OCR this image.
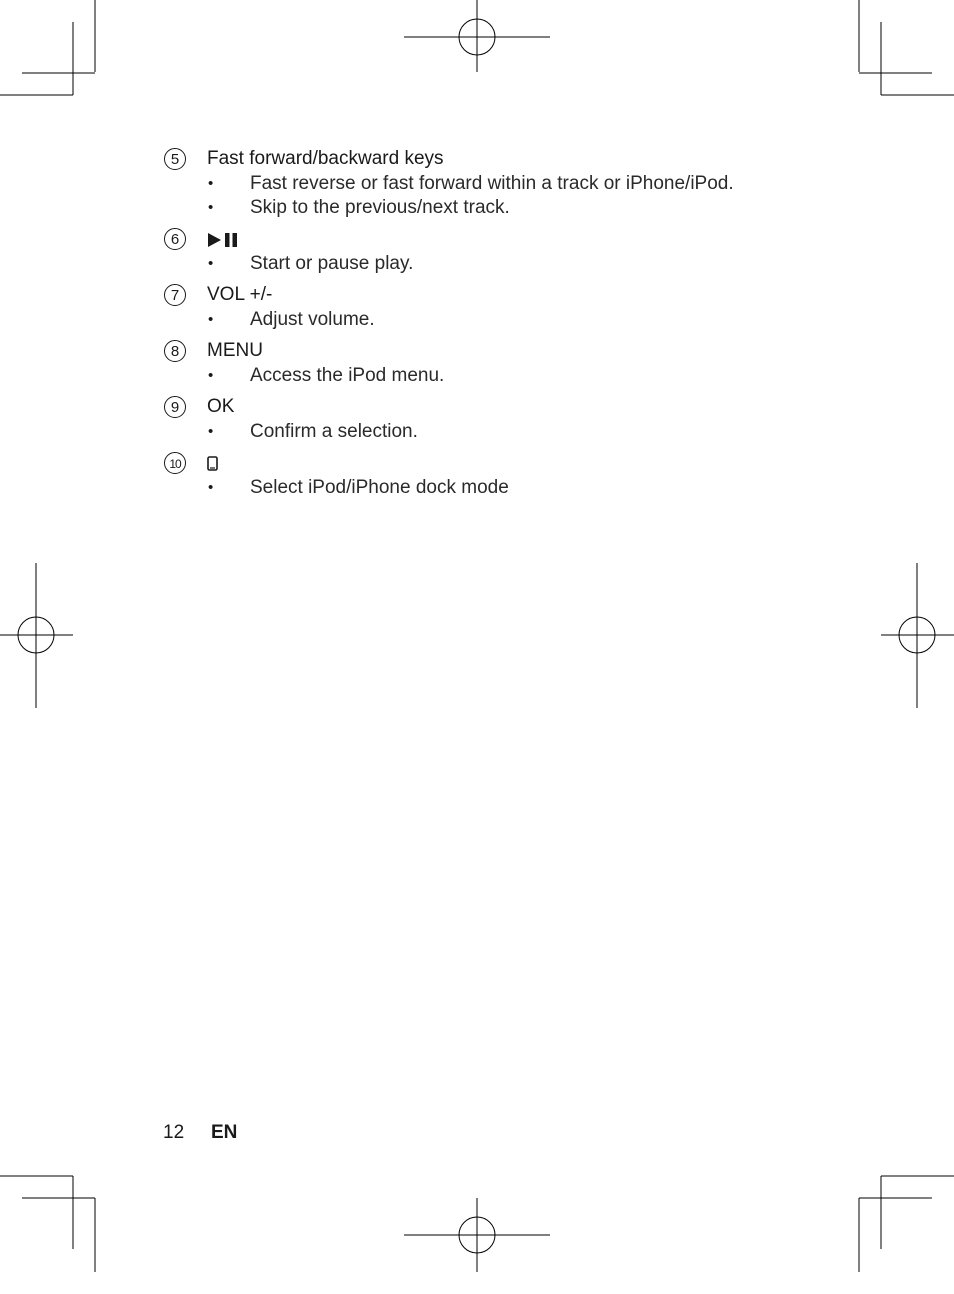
5	Fast forward/backward keys
• Fast reverse or fast forward within a track or iPhone/iPod.
• Skip to the previous/next track.
6
• Start or pause play.
7	VOL +/-
• Adjust volume.
8	MENU
• Access the iPod menu.
9	OK
• Confirm a selection.
10
• Select iPod/iPhone dock mode
12 EN
